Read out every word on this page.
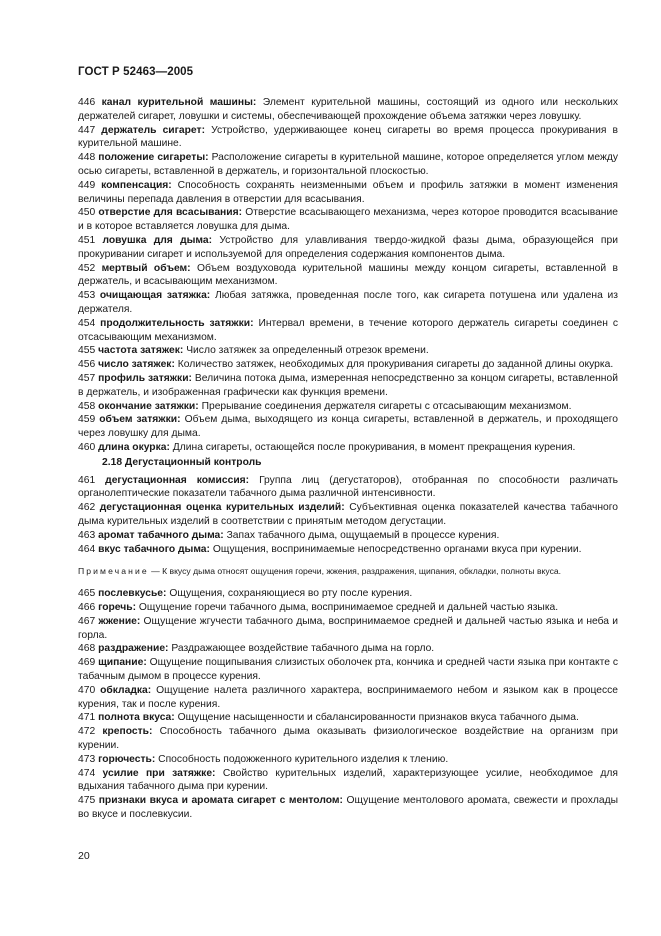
ГОСТ Р 52463—2005
446 канал курительной машины: Элемент курительной машины, состоящий из одного или нескольких держателей сигарет, ловушки и системы, обеспечивающей прохождение объема затяжки через ловушку.
447 держатель сигарет: Устройство, удерживающее конец сигареты во время процесса прокуривания в курительной машине.
448 положение сигареты: Расположение сигареты в курительной машине, которое определяется углом между осью сигареты, вставленной в держатель, и горизонтальной плоскостью.
449 компенсация: Способность сохранять неизменными объем и профиль затяжки в момент изменения величины перепада давления в отверстии для всасывания.
450 отверстие для всасывания: Отверстие всасывающего механизма, через которое проводится всасывание и в которое вставляется ловушка для дыма.
451 ловушка для дыма: Устройство для улавливания твердо-жидкой фазы дыма, образующейся при прокуривании сигарет и используемой для определения содержания компонентов дыма.
452 мертвый объем: Объем воздуховода курительной машины между концом сигареты, вставленной в держатель, и всасывающим механизмом.
453 очищающая затяжка: Любая затяжка, проведенная после того, как сигарета потушена или удалена из держателя.
454 продолжительность затяжки: Интервал времени, в течение которого держатель сигареты соединен с отсасывающим механизмом.
455 частота затяжек: Число затяжек за определенный отрезок времени.
456 число затяжек: Количество затяжек, необходимых для прокуривания сигареты до заданной длины окурка.
457 профиль затяжки: Величина потока дыма, измеренная непосредственно за концом сигареты, вставленной в держатель, и изображенная графически как функция времени.
458 окончание затяжки: Прерывание соединения держателя сигареты с отсасывающим механизмом.
459 объем затяжки: Объем дыма, выходящего из конца сигареты, вставленной в держатель, и проходящего через ловушку для дыма.
460 длина окурка: Длина сигареты, остающейся после прокуривания, в момент прекращения курения.
2.18 Дегустационный контроль
461 дегустационная комиссия: Группа лиц (дегустаторов), отобранная по способности различать органолептические показатели табачного дыма различной интенсивности.
462 дегустационная оценка курительных изделий: Субъективная оценка показателей качества табачного дыма курительных изделий в соответствии с принятым методом дегустации.
463 аромат табачного дыма: Запах табачного дыма, ощущаемый в процессе курения.
464 вкус табачного дыма: Ощущения, воспринимаемые непосредственно органами вкуса при курении.
Примечание — К вкусу дыма относят ощущения горечи, жжения, раздражения, щипания, обкладки, полноты вкуса.
465 послевкусье: Ощущения, сохраняющиеся во рту после курения.
466 горечь: Ощущение горечи табачного дыма, воспринимаемое средней и дальней частью языка.
467 жжение: Ощущение жгучести табачного дыма, воспринимаемое средней и дальней частью языка и неба и горла.
468 раздражение: Раздражающее воздействие табачного дыма на горло.
469 щипание: Ощущение пощипывания слизистых оболочек рта, кончика и средней части языка при контакте с табачным дымом в процессе курения.
470 обкладка: Ощущение налета различного характера, воспринимаемого небом и языком как в процессе курения, так и после курения.
471 полнота вкуса: Ощущение насыщенности и сбалансированности признаков вкуса табачного дыма.
472 крепость: Способность табачного дыма оказывать физиологическое воздействие на организм при курении.
473 горючесть: Способность подожженного курительного изделия к тлению.
474 усилие при затяжке: Свойство курительных изделий, характеризующее усилие, необходимое для вдыхания табачного дыма при курении.
475 признаки вкуса и аромата сигарет с ментолом: Ощущение ментолового аромата, свежести и прохлады во вкусе и послевкусии.
20
